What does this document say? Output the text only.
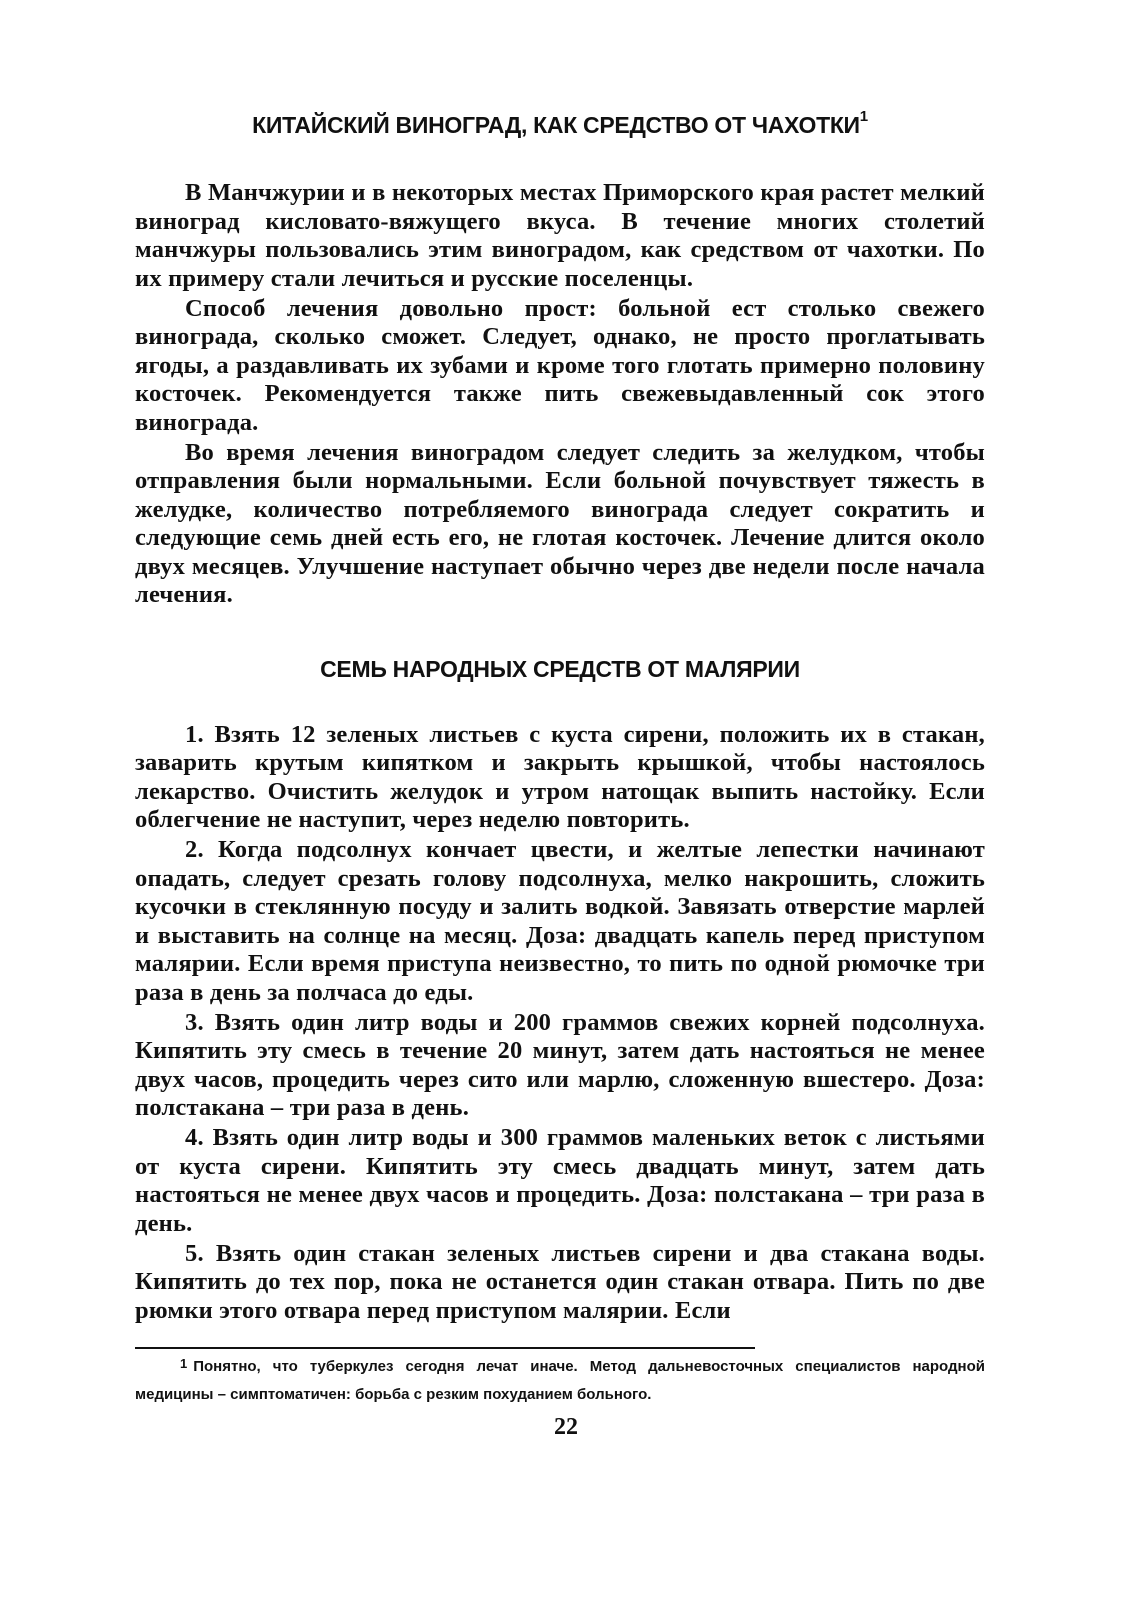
КИТАЙСКИЙ ВИНОГРАД, КАК СРЕДСТВО ОТ ЧАХОТКИ$^1$

В Манчжурии и в некоторых местах Приморского края растет мелкий виноград кисловато-вяжущего вкуса. В течение многих столетий манчжуры пользовались этим виноградом, как средством от чахотки. По их примеру стали лечиться и русские поселенцы.

Способ лечения довольно прост: больной ест столько свежего винограда, сколько сможет. Следует, однако, не просто проглатывать ягоды, а раздавливать их зубами и кроме того глотать примерно половину косточек. Рекомендуется также пить свежевыдавленный сок этого винограда.

Во время лечения виноградом следует следить за желудком, чтобы отправления были нормальными. Если больной почувствует тяжесть в желудке, количество потребляемого винограда следует сократить и следующие семь дней есть его, не глотая косточек. Лечение длится около двух месяцев. Улучшение наступает обычно через две недели после начала лечения.

СЕМЬ НАРОДНЫХ СРЕДСТВ ОТ МАЛЯРИИ

1. Взять 12 зеленых листьев с куста сирени, положить их в стакан, заварить крутым кипятком и закрыть крышкой, чтобы настоялось лекарство. Очистить желудок и утром натощак выпить настойку. Если облегчение не наступит, через неделю повторить.

2. Когда подсолнух кончает цвести, и желтые лепестки начинают опадать, следует срезать голову подсолнуха, мелко накрошить, сложить кусочки в стеклянную посуду и залить водкой. Завязать отверстие марлей и выставить на солнце на месяц. Доза: двадцать капель перед приступом малярии. Если время приступа неизвестно, то пить по одной рюмочке три раза в день за полчаса до еды.

3. Взять один литр воды и 200 граммов свежих корней подсолнуха. Кипятить эту смесь в течение 20 минут, затем дать настояться не менее двух часов, процедить через сито или марлю, сложенную вшестеро. Доза: полстакана – три раза в день.

4. Взять один литр воды и 300 граммов маленьких веток с листьями от куста сирени. Кипятить эту смесь двадцать минут, затем дать настояться не менее двух часов и процедить. Доза: полстакана – три раза в день.

5. Взять один стакан зеленых листьев сирени и два стакана воды. Кипятить до тех пор, пока не останется один стакан отвара. Пить по две рюмки этого отвара перед приступом малярии. Если

$^1$ Понятно, что туберкулез сегодня лечат иначе. Метод дальневосточных специалистов народной медицины – симптоматичен: борьба с резким похуданием больного.

22
